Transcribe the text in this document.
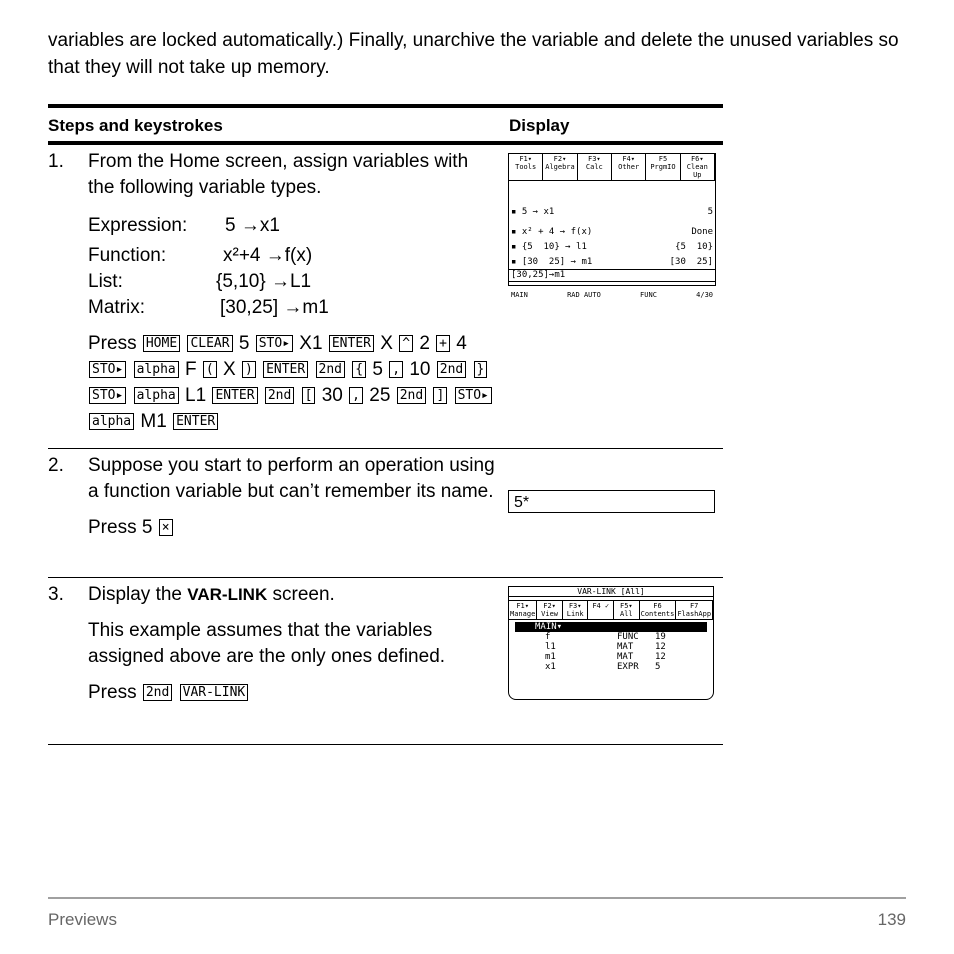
variables are locked automatically.) Finally, unarchive the variable and delete the unused variables so that they will not take up memory.

Steps and keystrokes	Display
1. From the Home screen, assign variables with the following variable types.

Expression:	5 →x1
Function:	x²+4 →f(x)
List:	{5,10} →L1
Matrix:	[30,25] →m1
Press HOME CLEAR 5 STO▸ X1 ENTER X ^ 2 + 4 STO▸ alpha F ( X ) ENTER 2nd { 5 , 10 2nd } STO▸ alpha L1 ENTER 2nd [ 30 , 25 2nd ] STO▸ alpha M1 ENTER
F1▾ Tools
F2▾ Algebra
F3▾ Calc
F4▾ Other
F5 PrgmIO
F6▾ Clean Up
▪ 5 → x1	5
▪ x² + 4 → f(x)	Done
▪ {5  10} → l1	{5  10}
▪ [30  25] → m1	[30  25]
[30,25]→m1
MAIN	RAD AUTO	FUNC	4/30
2. Suppose you start to perform an operation using a function variable but can’t remember its name.

Press 5 ×

5*
3. Display the VAR-LINK screen.

This example assumes that the variables assigned above are the only ones defined.

Press 2nd VAR-LINK

VAR-LINK [All]
F1▾ Manage
F2▾ View
F3▾ Link
F4 ✓	F5▾ All
F6 Contents
F7 FlashApp
MAIN▾
f	FUNC	19
l1	MAT	12
m1	MAT	12
x1	EXPR	5
Previews	139
